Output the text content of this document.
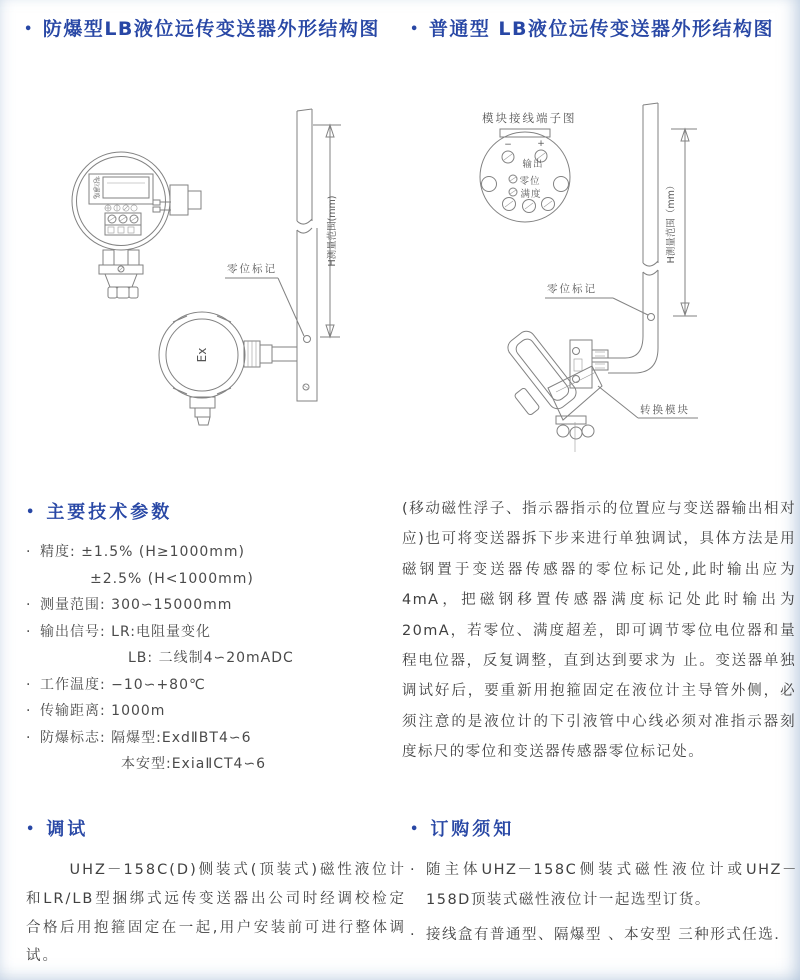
• 防爆型LB液位远传变送器外形结构图 • 普通型 LB液位远传变送器外形结构图
H测量范围(mm)
零位满度
Ex
零位标记
模块接线端子图
−	+
输出
零位
满度	H测量范围（mm）
零位标记
转换模块
• 主要技术参数
· 精度: ±1.5% (H≥1000mm)
±2.5% (H<1000mm)
· 测量范围: 300∽15000mm
· 输出信号: LR:电阻量变化
LB: 二线制4∽20mADC
· 工作温度: −10∽+80℃
· 传输距离: 1000m
· 防爆标志: 隔爆型:ExdⅡBT4∽6
本安型:ExiaⅡCT4∽6
(移动磁性浮子、指示器指示的位置应与变送器输出相对应)也可将变送器拆下步来进行单独调试，具体方法是用磁钢置于变送器传感器的零位标记处,此时输出应为4mA，把磁钢移置传感器满度标记处此时输出为20mA，若零位、满度超差，即可调节零位电位器和量程电位器，反复调整，直到达到要求为 止。变送器单独调试好后，要重新用抱箍固定在液位计主导管外侧，必须注意的是液位计的下引液管中心线必须对准指示器刻度标尺的零位和变送器传感器零位标记处。
• 调试

UHZ－158C(D)侧装式(顶装式)磁性液位计和LR/LB型捆绑式远传变送器出公司时经调校检定合格后用抱箍固定在一起,用户安装前可进行整体调试。

• 订购须知
· 随主体UHZ－158C侧装式磁性液位计或UHZ－158D顶装式磁性液位计一起选型订货。
· 接线盒有普通型、隔爆型 、本安型 三种形式任选.
